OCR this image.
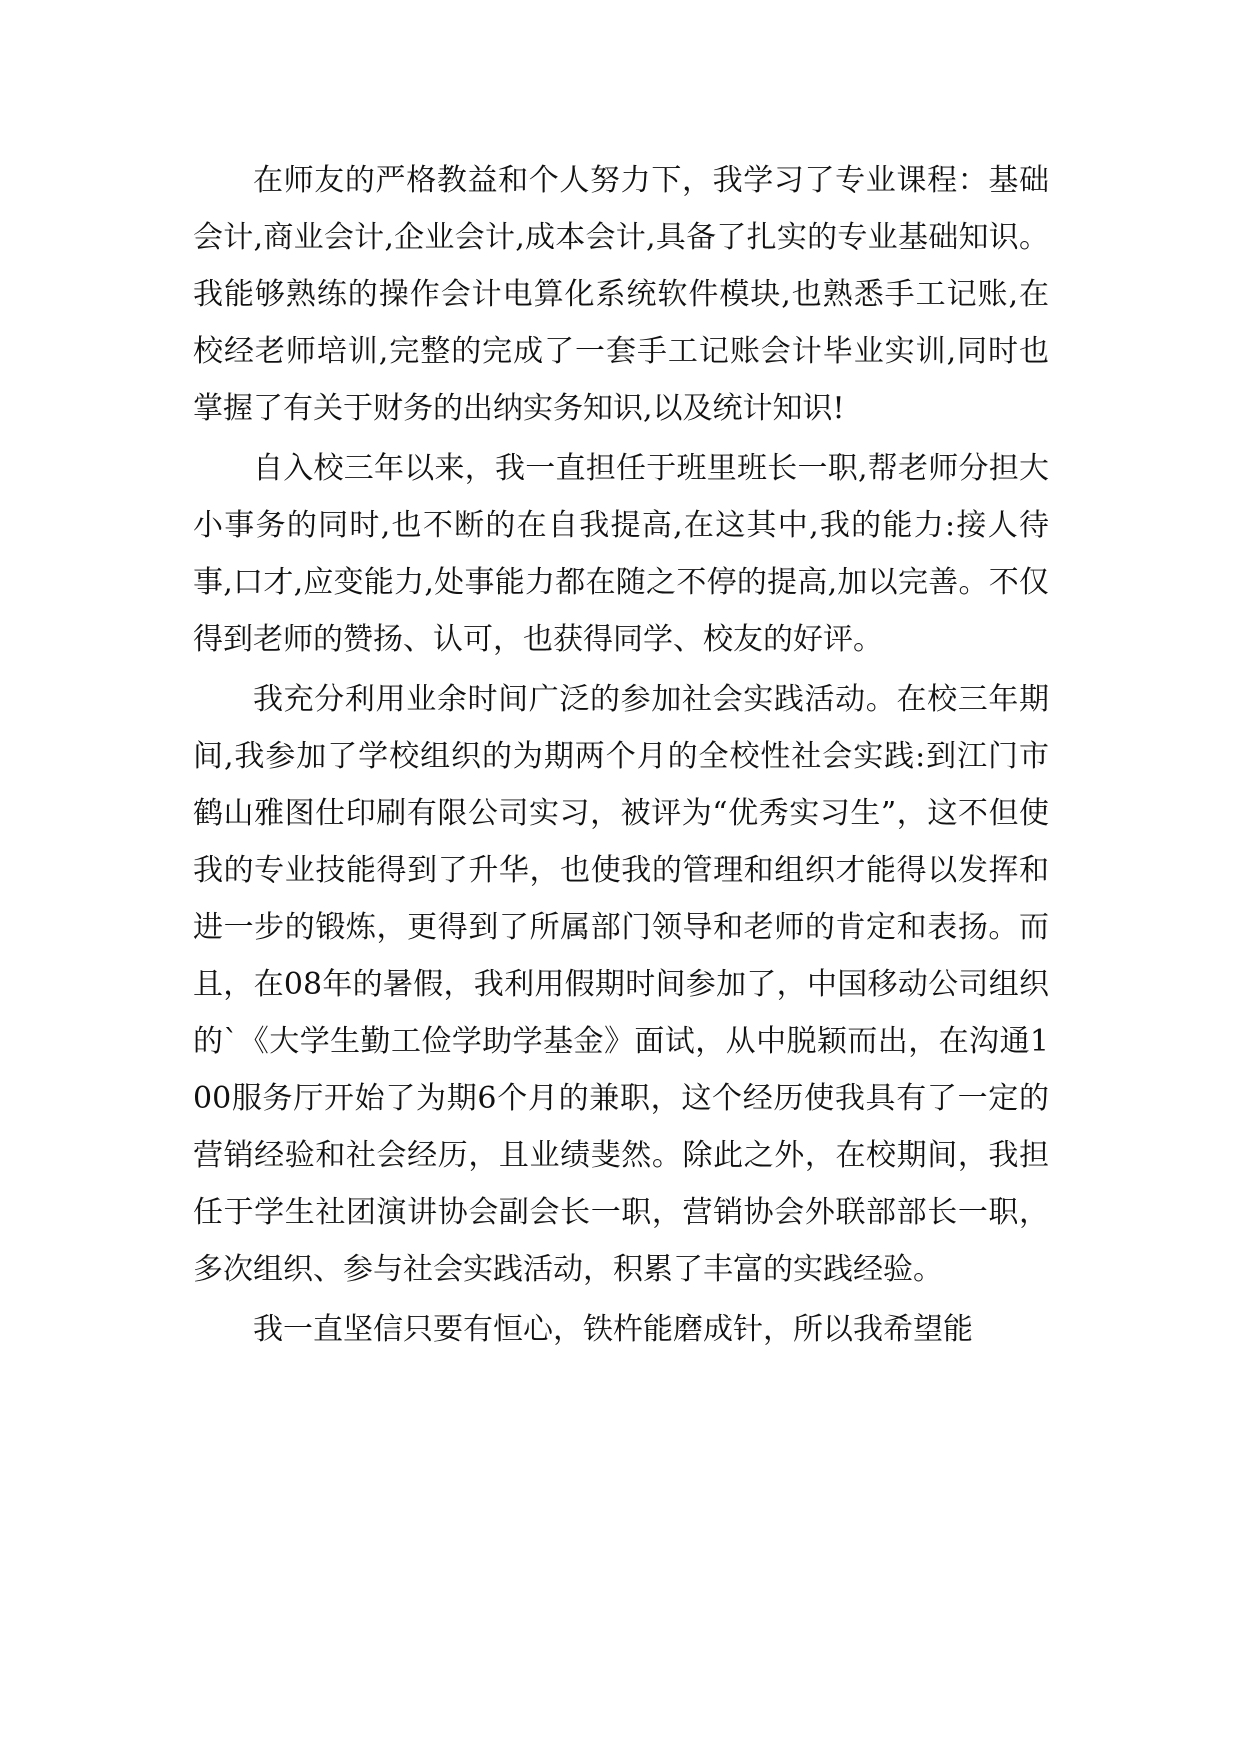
在师友的严格教益和个人努力下，我学习了专业课程：基础会计,商业会计,企业会计,成本会计,具备了扎实的专业基础知识。我能够熟练的操作会计电算化系统软件模块,也熟悉手工记账,在校经老师培训,完整的完成了一套手工记账会计毕业实训,同时也掌握了有关于财务的出纳实务知识,以及统计知识!

自入校三年以来，我一直担任于班里班长一职,帮老师分担大小事务的同时,也不断的在自我提高,在这其中,我的能力:接人待事,口才,应变能力,处事能力都在随之不停的提高,加以完善。不仅得到老师的赞扬、认可，也获得同学、校友的好评。

我充分利用业余时间广泛的参加社会实践活动。在校三年期间,我参加了学校组织的为期两个月的全校性社会实践:到江门市鹤山雅图仕印刷有限公司实习，被评为“优秀实习生”，这不但使我的专业技能得到了升华，也使我的管理和组织才能得以发挥和进一步的锻炼，更得到了所属部门领导和老师的肯定和表扬。而且，在08年的暑假，我利用假期时间参加了，中国移动公司组织的`《大学生勤工俭学助学基金》面试，从中脱颖而出，在沟通100服务厅开始了为期6个月的兼职，这个经历使我具有了一定的营销经验和社会经历，且业绩斐然。除此之外，在校期间，我担任于学生社团演讲协会副会长一职，营销协会外联部部长一职，多次组织、参与社会实践活动，积累了丰富的实践经验。

我一直坚信只要有恒心，铁杵能磨成针，所以我希望能
